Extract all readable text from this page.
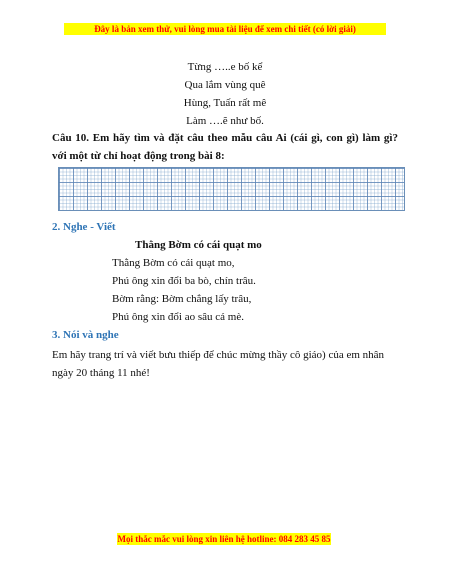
Đây là bản xem thử, vui lòng mua tài liệu để xem chi tiết (có lời giải)
Từng …..e bố kể
Qua lắm vùng quê
Hùng, Tuấn rất mê
Làm ….ẽ như bố.
Câu 10. Em hãy tìm và đặt câu theo mẫu câu Ai (cái gì, con gì) làm gì? với một từ chỉ hoạt động trong bài 8:
2. Nghe - Viết
Thằng Bờm có cái quạt mo
Thằng Bờm có cái quạt mo,
Phú ông xin đổi ba bò, chín trâu.
Bờm rằng: Bờm chẳng lấy trâu,
Phú ông xin đổi ao sâu cá mè.
3. Nói và nghe
Em hãy trang trí và viết bưu thiếp để chúc mừng thầy cô giáo) của em nhân ngày 20 tháng 11 nhé!
Mọi thắc mắc vui lòng xin liên hệ hotline: 084 283 45 85
